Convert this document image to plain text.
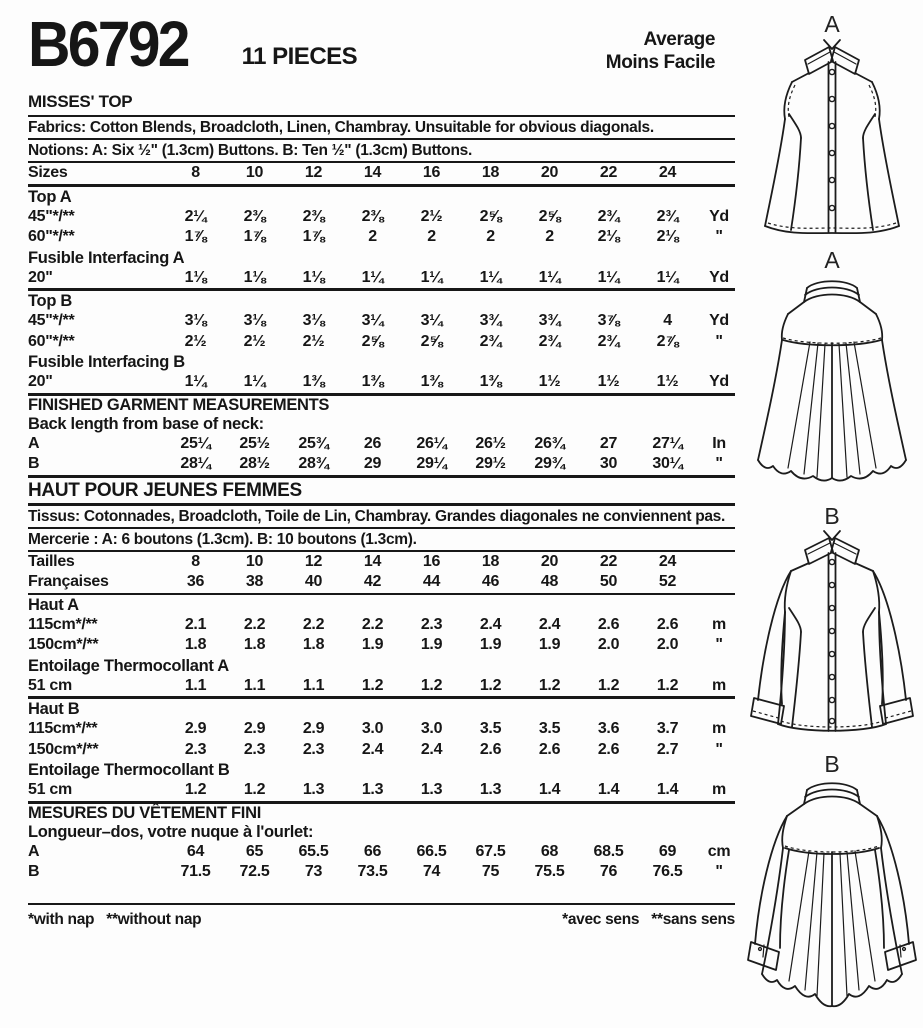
B6792 11 PIECES
Average
Moins Facile
MISSES' TOP
Fabrics: Cotton Blends, Broadcloth, Linen, Chambray. Unsuitable for obvious diagonals.
Notions: A: Six ½" (1.3cm) Buttons. B: Ten ½" (1.3cm) Buttons.
Sizes	8	10	12	14	16	18	20	22	24
Top A
45"*/**	2¼	2⅜	2⅜	2⅜	2½	2⅝	2⅝	2¾	2¾	Yd
60"*/**	1⅞	1⅞	1⅞	2	2	2	2	2⅛	2⅛	"
Fusible Interfacing A
20"	1⅛	1⅛	1⅛	1¼	1¼	1¼	1¼	1¼	1¼	Yd
Top B
45"*/**	3⅛	3⅛	3⅛	3¼	3¼	3¾	3¾	3⅞	4	Yd
60"*/**	2½	2½	2½	2⅝	2⅝	2¾	2¾	2¾	2⅞	"
Fusible Interfacing B
20"	1¼	1¼	1⅜	1⅜	1⅜	1⅜	1½	1½	1½	Yd
FINISHED GARMENT MEASUREMENTS
Back length from base of neck:
A	25¼	25½	25¾	26	26¼	26½	26¾	27	27¼	In
B	28¼	28½	28¾	29	29¼	29½	29¾	30	30¼	"
HAUT POUR JEUNES FEMMES
Tissus: Cotonnades, Broadcloth, Toile de Lin, Chambray. Grandes diagonales ne conviennent pas.
Mercerie : A: 6 boutons (1.3cm). B: 10 boutons (1.3cm).
Tailles	8	10	12	14	16	18	20	22	24
Françaises	36	38	40	42	44	46	48	50	52
Haut A
115cm*/**	2.1	2.2	2.2	2.2	2.3	2.4	2.4	2.6	2.6	m
150cm*/**	1.8	1.8	1.8	1.9	1.9	1.9	1.9	2.0	2.0	"
Entoilage Thermocollant A
51 cm	1.1	1.1	1.1	1.2	1.2	1.2	1.2	1.2	1.2	m
Haut B
115cm*/**	2.9	2.9	2.9	3.0	3.0	3.5	3.5	3.6	3.7	m
150cm*/**	2.3	2.3	2.3	2.4	2.4	2.6	2.6	2.6	2.7	"
Entoilage Thermocollant B
51 cm	1.2	1.2	1.3	1.3	1.3	1.3	1.4	1.4	1.4	m
MESURES DU VÊTEMENT FINI
Longueur–dos, votre nuque à l'ourlet:
A	64	65	65.5	66	66.5	67.5	68	68.5	69	cm
B	71.5	72.5	73	73.5	74	75	75.5	76	76.5	"
*with nap   **without nap	*avec sens   **sans sens
A
A
B
B
